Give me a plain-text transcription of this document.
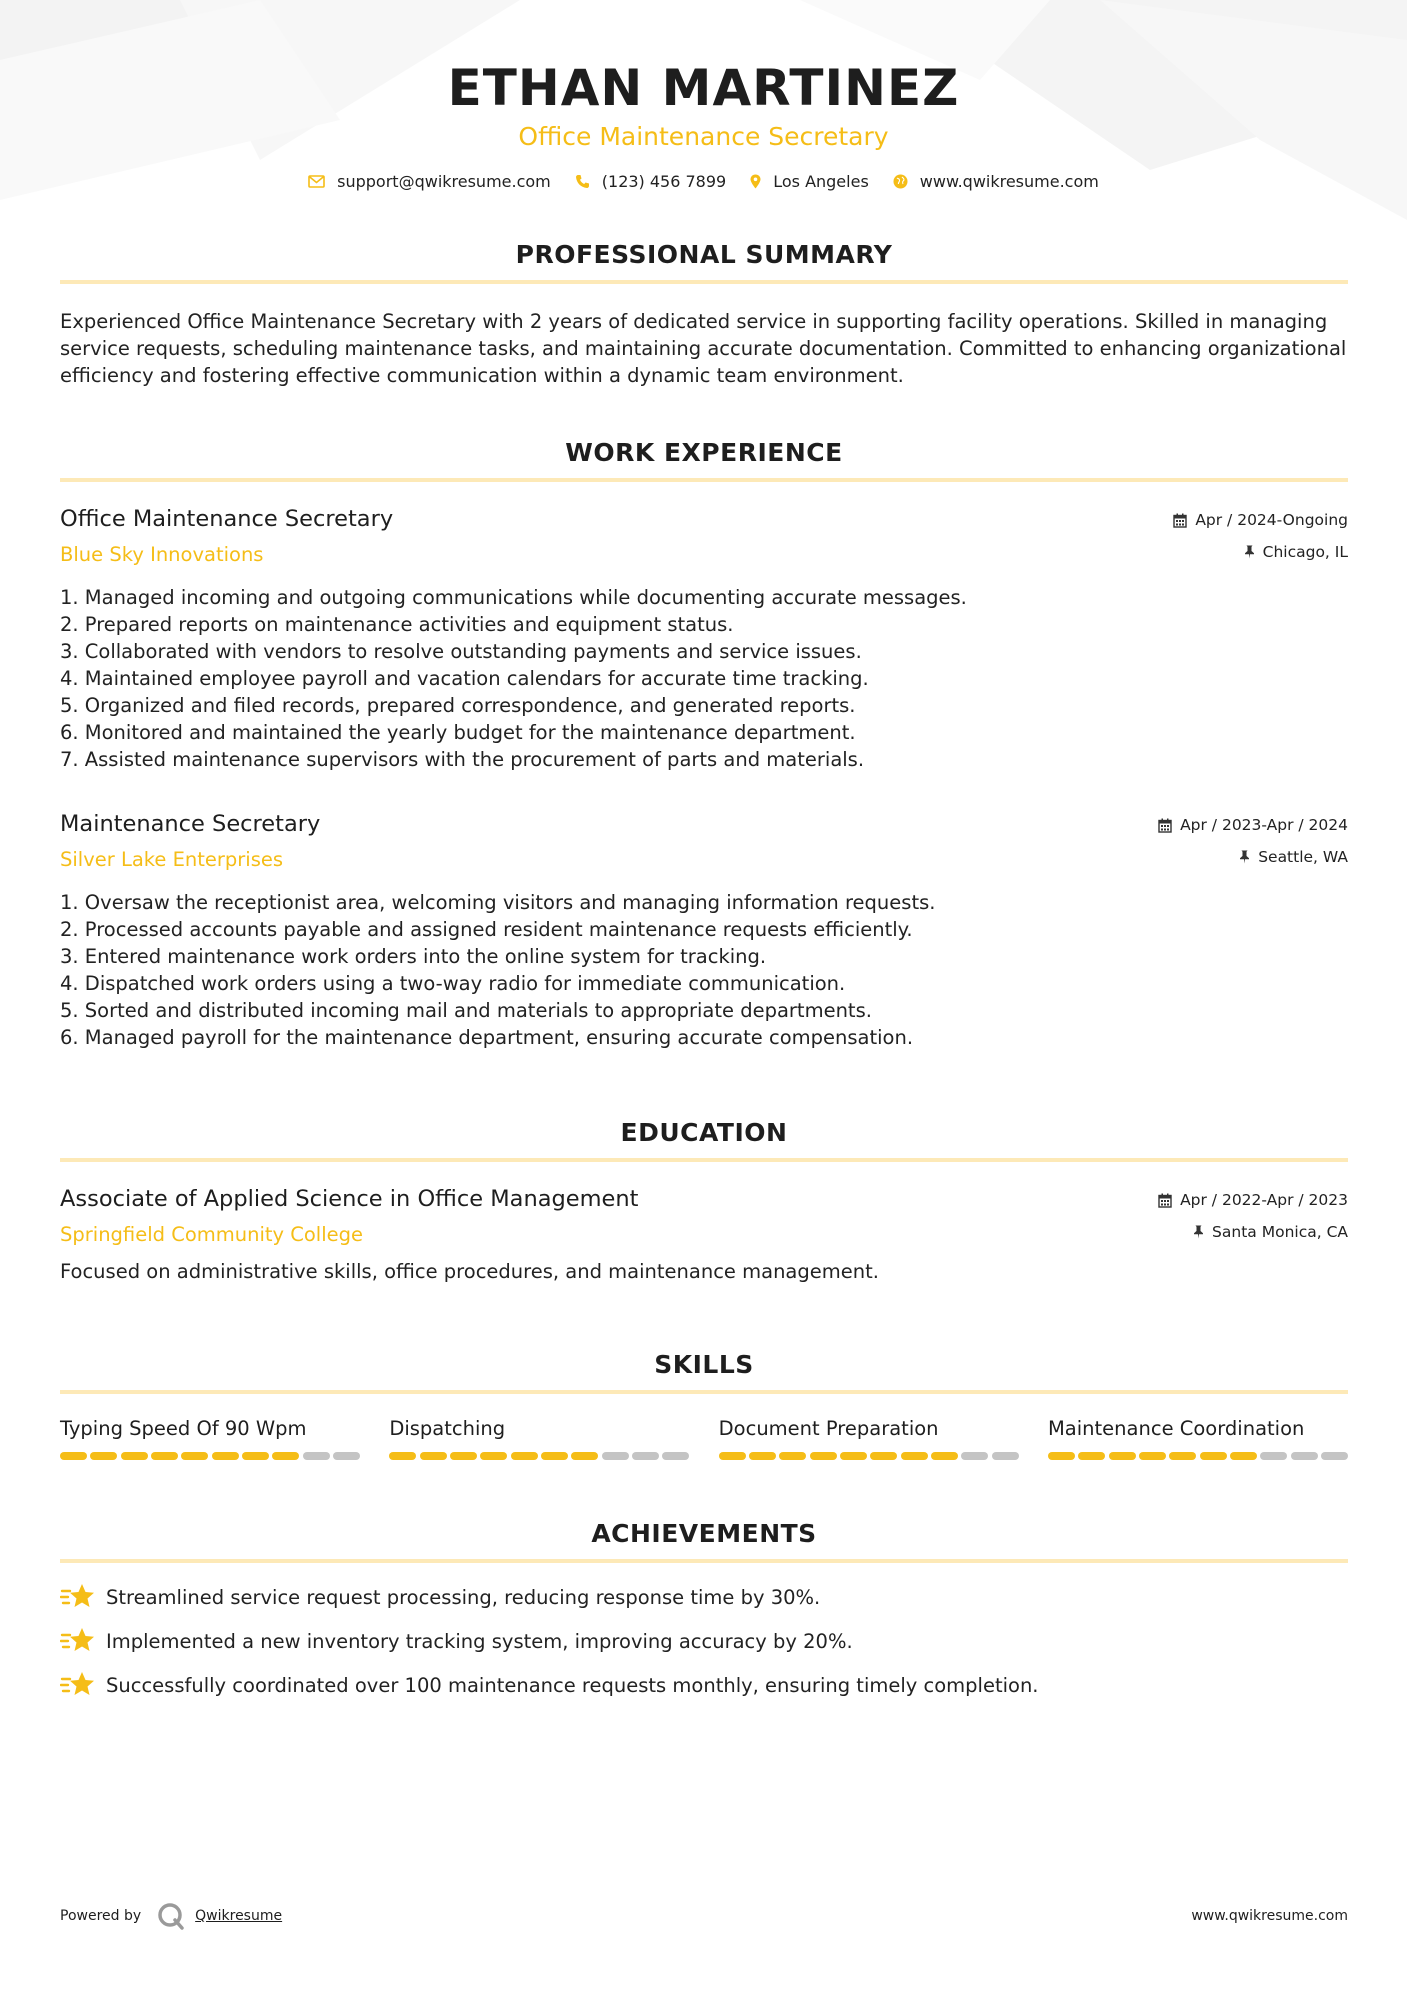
ETHAN MARTINEZ
Office Maintenance Secretary
support@qwikresume.com	(123) 456 7899	Los Angeles	www.qwikresume.com
PROFESSIONAL SUMMARY
Experienced Office Maintenance Secretary with 2 years of dedicated service in supporting facility operations. Skilled in managing service requests, scheduling maintenance tasks, and maintaining accurate documentation. Committed to enhancing organizational efficiency and fostering effective communication within a dynamic team environment.
WORK EXPERIENCE
Office Maintenance Secretary
Blue Sky Innovations
Apr / 2024-Ongoing
Chicago, IL
1. Managed incoming and outgoing communications while documenting accurate messages.
2. Prepared reports on maintenance activities and equipment status.
3. Collaborated with vendors to resolve outstanding payments and service issues.
4. Maintained employee payroll and vacation calendars for accurate time tracking.
5. Organized and filed records, prepared correspondence, and generated reports.
6. Monitored and maintained the yearly budget for the maintenance department.
7. Assisted maintenance supervisors with the procurement of parts and materials.
Maintenance Secretary
Silver Lake Enterprises
Apr / 2023-Apr / 2024
Seattle, WA
1. Oversaw the receptionist area, welcoming visitors and managing information requests.
2. Processed accounts payable and assigned resident maintenance requests efficiently.
3. Entered maintenance work orders into the online system for tracking.
4. Dispatched work orders using a two-way radio for immediate communication.
5. Sorted and distributed incoming mail and materials to appropriate departments.
6. Managed payroll for the maintenance department, ensuring accurate compensation.
EDUCATION
Associate of Applied Science in Office Management
Springfield Community College
Apr / 2022-Apr / 2023
Santa Monica, CA
Focused on administrative skills, office procedures, and maintenance management.
SKILLS
Typing Speed Of 90 Wpm	Dispatching	Document Preparation	Maintenance Coordination
ACHIEVEMENTS
Streamlined service request processing, reducing response time by 30%.
Implemented a new inventory tracking system, improving accuracy by 20%.
Successfully coordinated over 100 maintenance requests monthly, ensuring timely completion.
Powered by	Qwikresume	www.qwikresume.com
